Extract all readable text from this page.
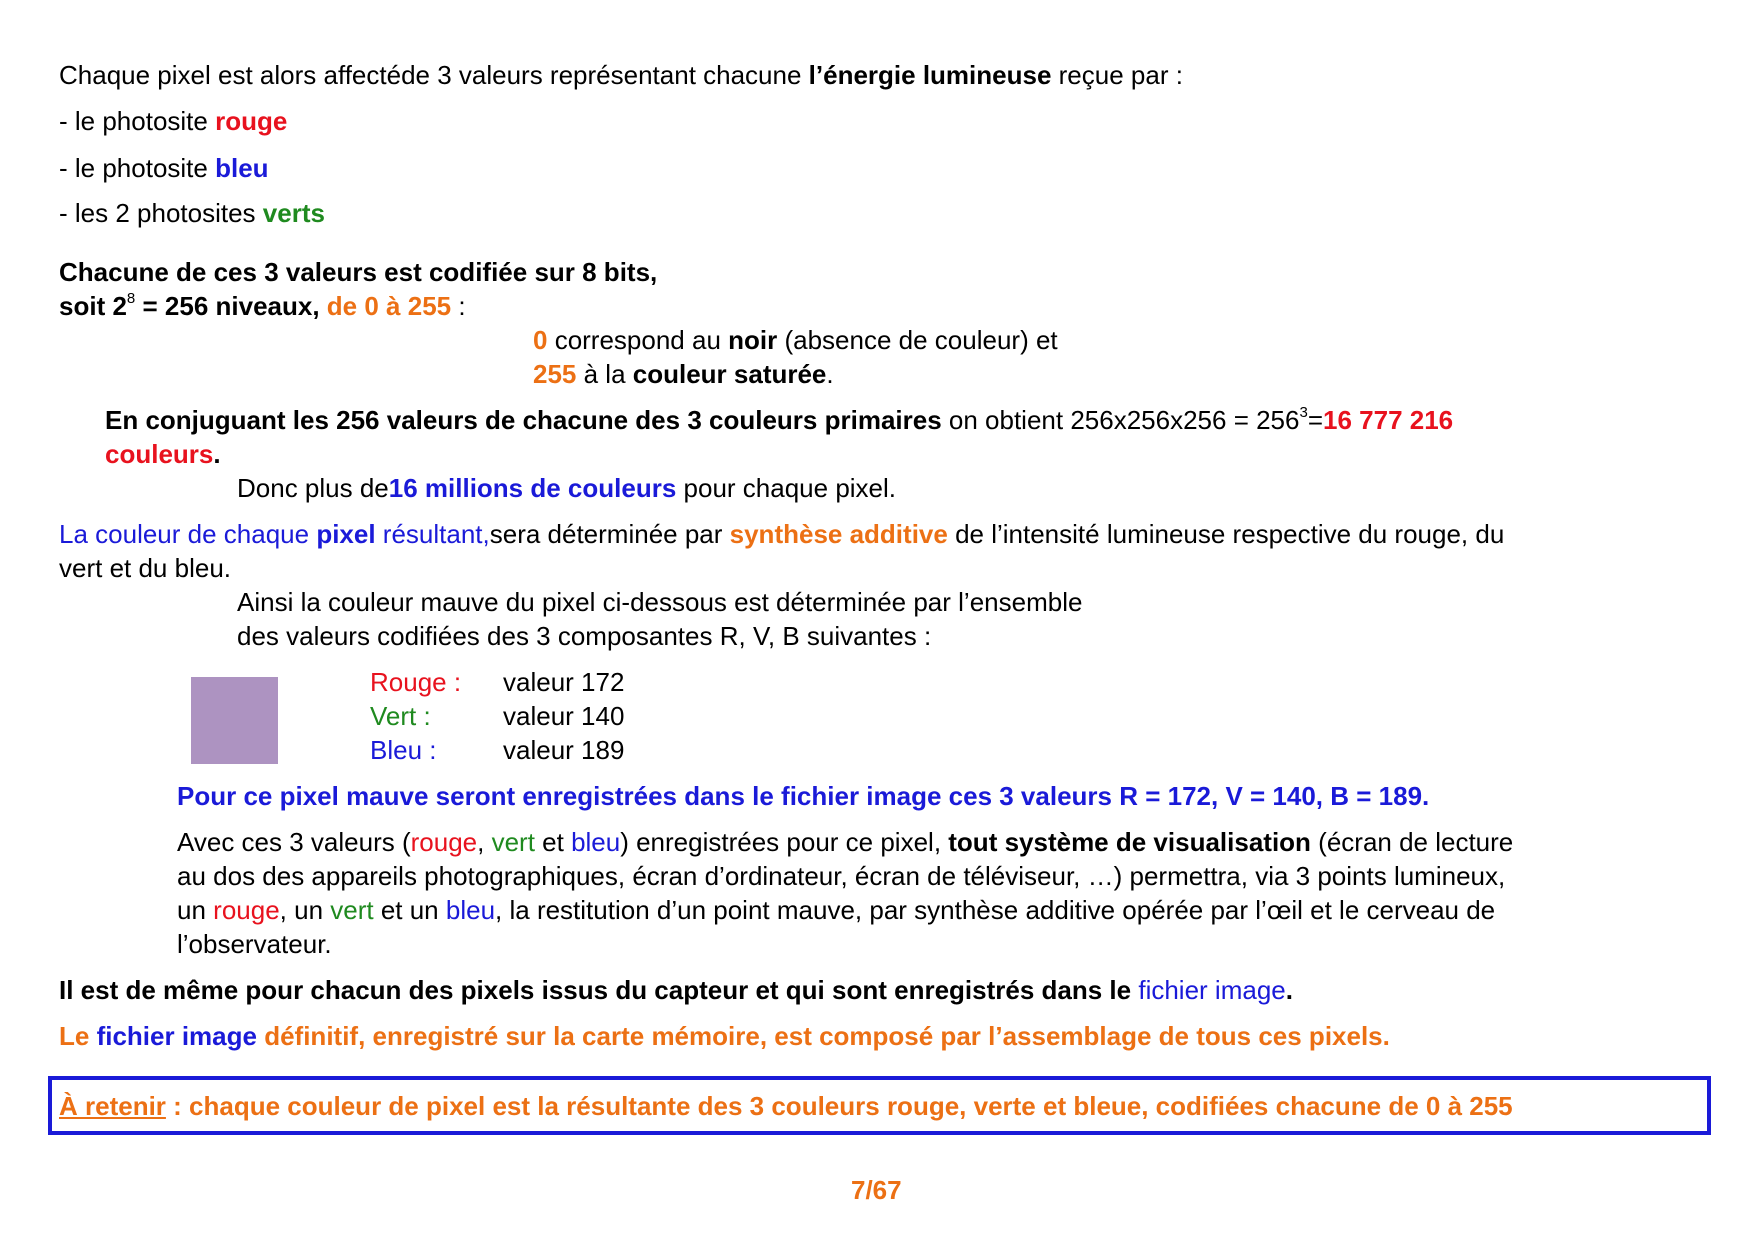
Chaque pixel est alors affectéde 3 valeurs représentant chacune l’énergie lumineuse reçue par :
- le photosite rouge
- le photosite bleu
- les 2 photosites verts
Chacune de ces 3 valeurs est codifiée sur 8 bits,
soit $2^8 = 256$ niveaux, de 0 à 255 :
0 correspond au noir (absence de couleur) et
255 à la couleur saturée.
En conjuguant les 256 valeurs de chacune des 3 couleurs primaires on obtient $256x256x256 = 256^3=16$ 777 216
couleurs.
Donc plus de16 millions de couleurs pour chaque pixel.
La couleur de chaque pixel résultant,sera déterminée par synthèse additive de l’intensité lumineuse respective du rouge, du
vert et du bleu.
Ainsi la couleur mauve du pixel ci-dessous est déterminée par l’ensemble
des valeurs codifiées des 3 composantes R, V, B suivantes :
Rouge : valeur 172
Vert :	valeur 140
Bleu :	valeur 189
Pour ce pixel mauve seront enregistrées dans le fichier image ces 3 valeurs R = 172, V = 140, B = 189.
Avec ces 3 valeurs (rouge, vert et bleu) enregistrées pour ce pixel, tout système de visualisation (écran de lecture
au dos des appareils photographiques, écran d’ordinateur, écran de téléviseur, …) permettra, via 3 points lumineux,
un rouge, un vert et un bleu, la restitution d’un point mauve, par synthèse additive opérée par l’œil et le cerveau de
l’observateur.
Il est de même pour chacun des pixels issus du capteur et qui sont enregistrés dans le fichier image.
Le fichier image définitif, enregistré sur la carte mémoire, est composé par l’assemblage de tous ces pixels.
À retenir : chaque couleur de pixel est la résultante des 3 couleurs rouge, verte et bleue, codifiées chacune de 0 à 255
7/67
